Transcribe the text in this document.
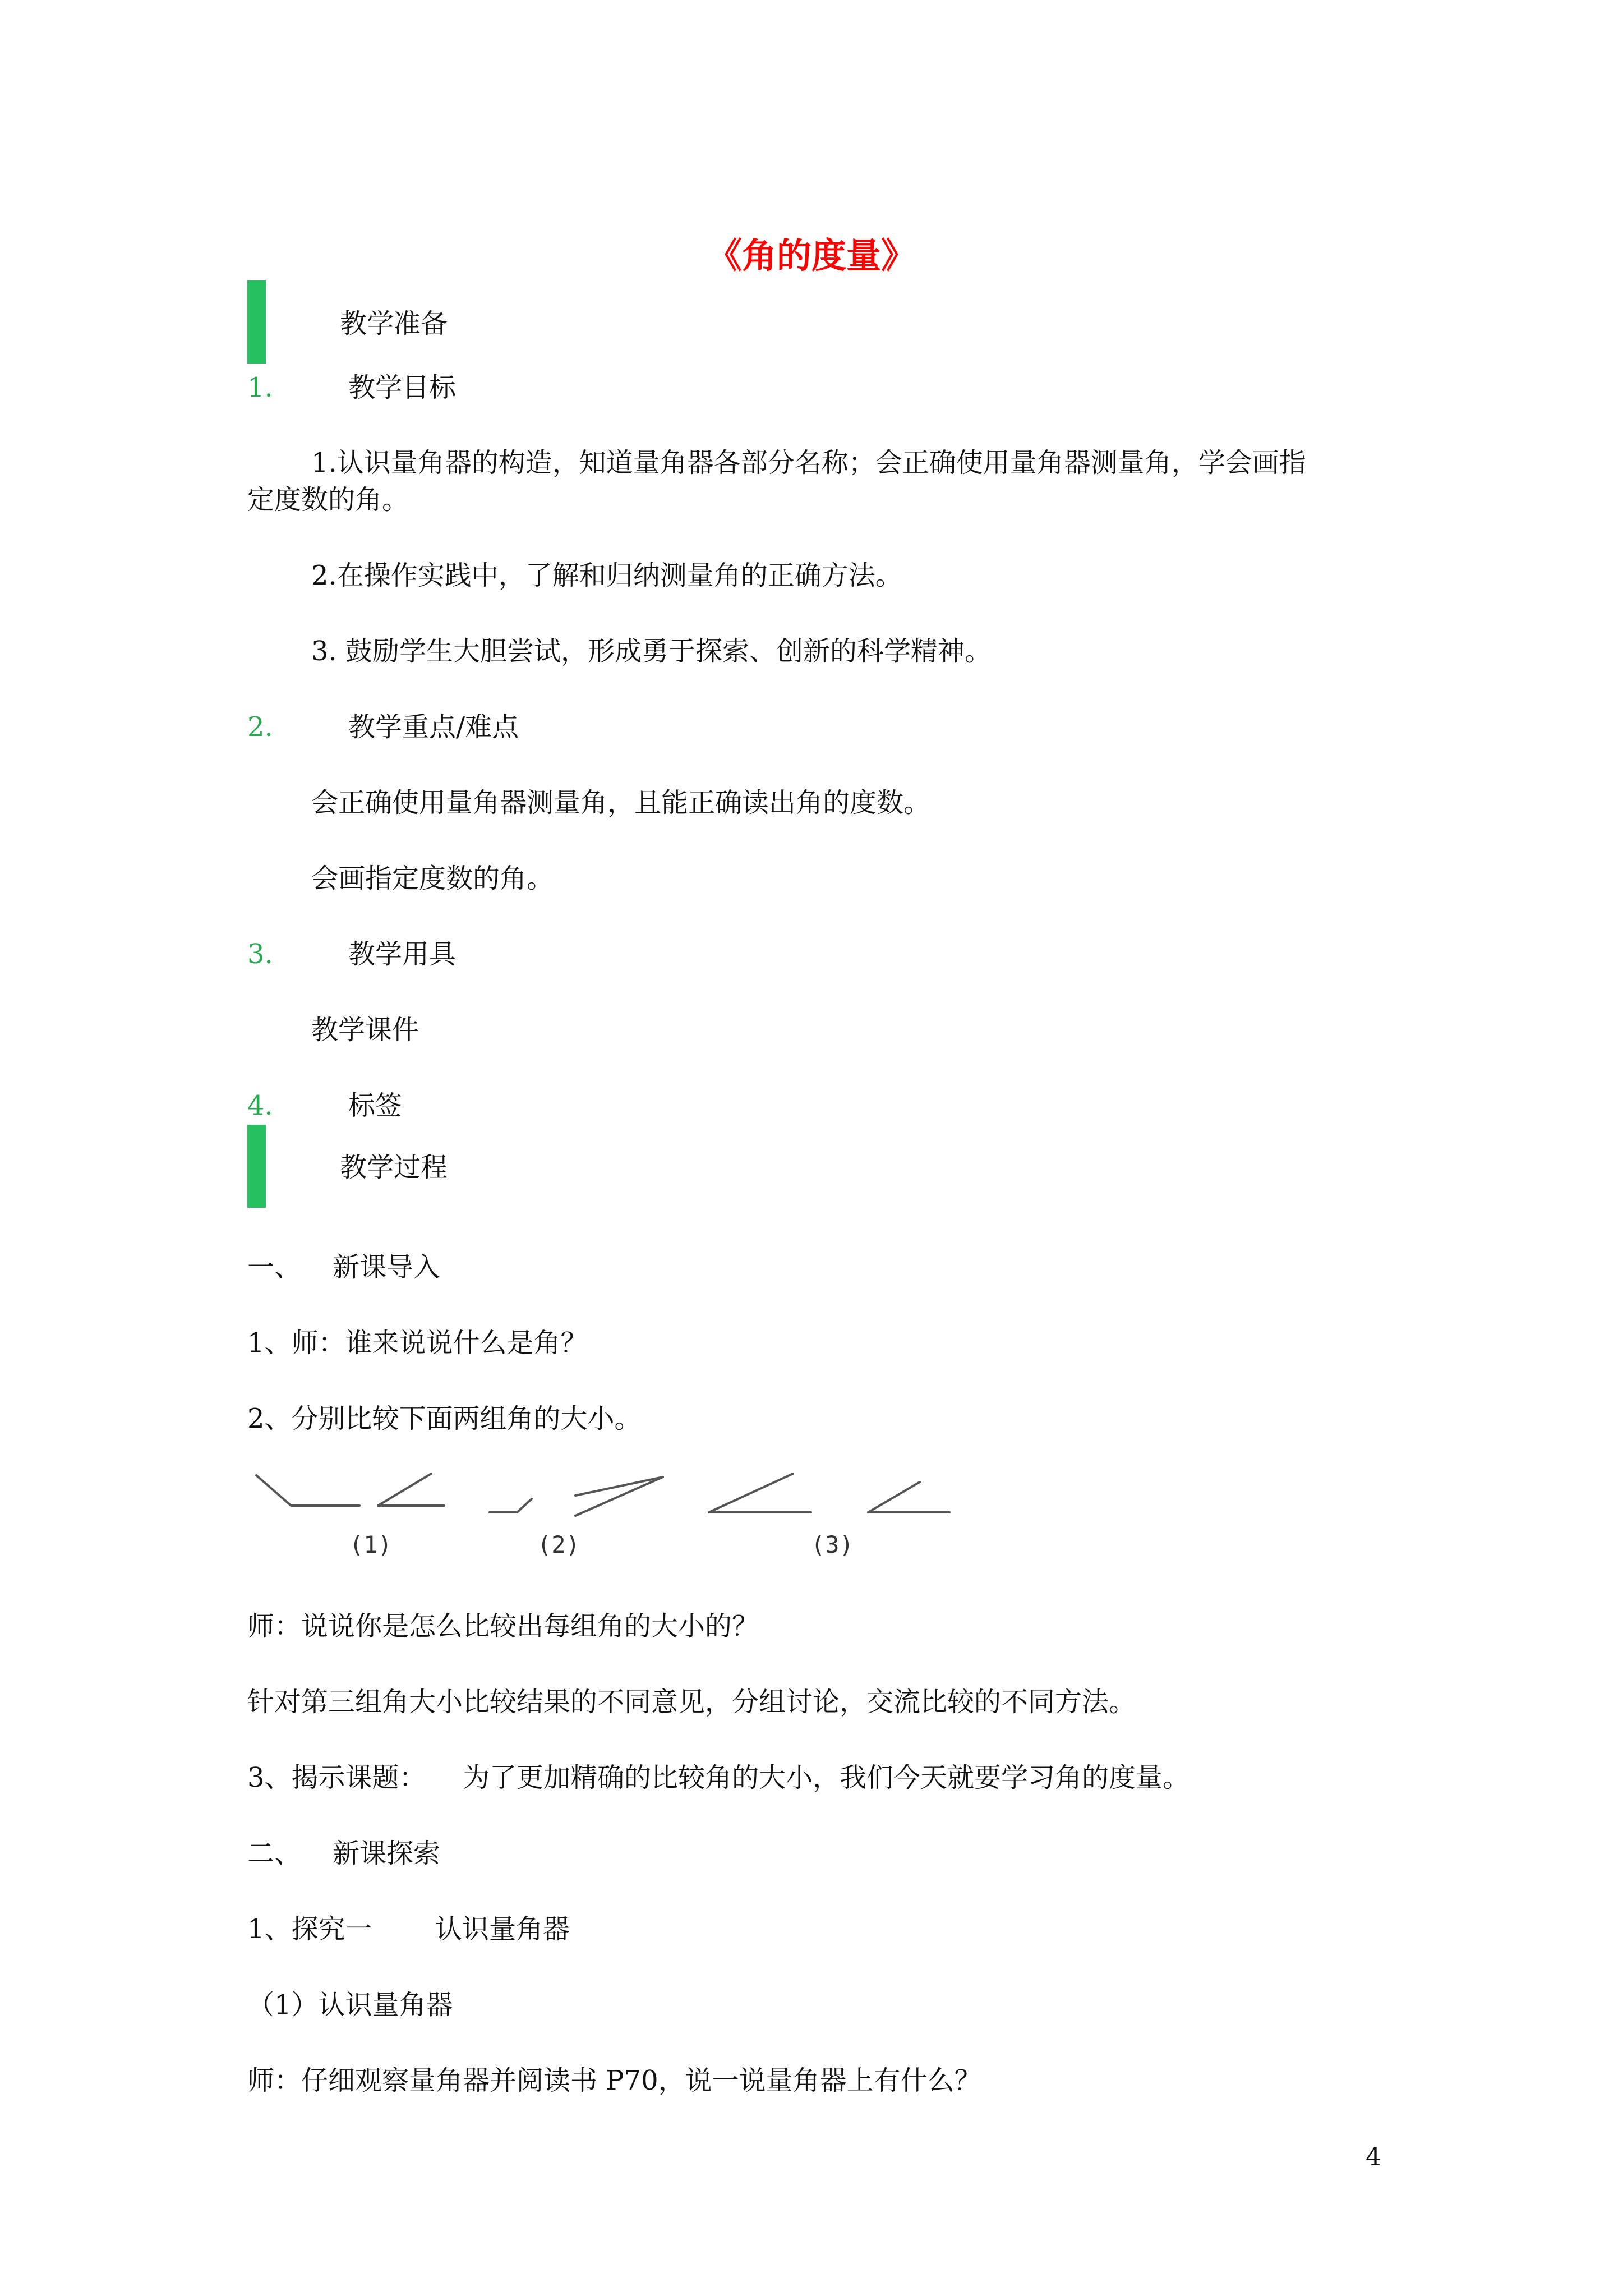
《角的度量》
教学准备
1.	教学目标
1.认识量角器的构造，知道量角器各部分名称；会正确使用量角器测量角，学会画指
定度数的角。
2.在操作实践中，了解和归纳测量角的正确方法。
3. 鼓励学生大胆尝试，形成勇于探索、创新的科学精神。
2.	教学重点/难点
会正确使用量角器测量角，且能正确读出角的度数。
会画指定度数的角。
3.	教学用具
教学课件
4.	标签
教学过程
一、 新课导入
1、师：谁来说说什么是角？
2、分别比较下面两组角的大小。
(1)	(2)	(3)
师：说说你是怎么比较出每组角的大小的？
针对第三组角大小比较结果的不同意见，分组讨论，交流比较的不同方法。
3、揭示课题： 为了更加精确的比较角的大小，我们今天就要学习角的度量。
二、 新课探索
1、探究一 认识量角器
（1）认识量角器
师：仔细观察量角器并阅读书 P70，说一说量角器上有什么？
4
